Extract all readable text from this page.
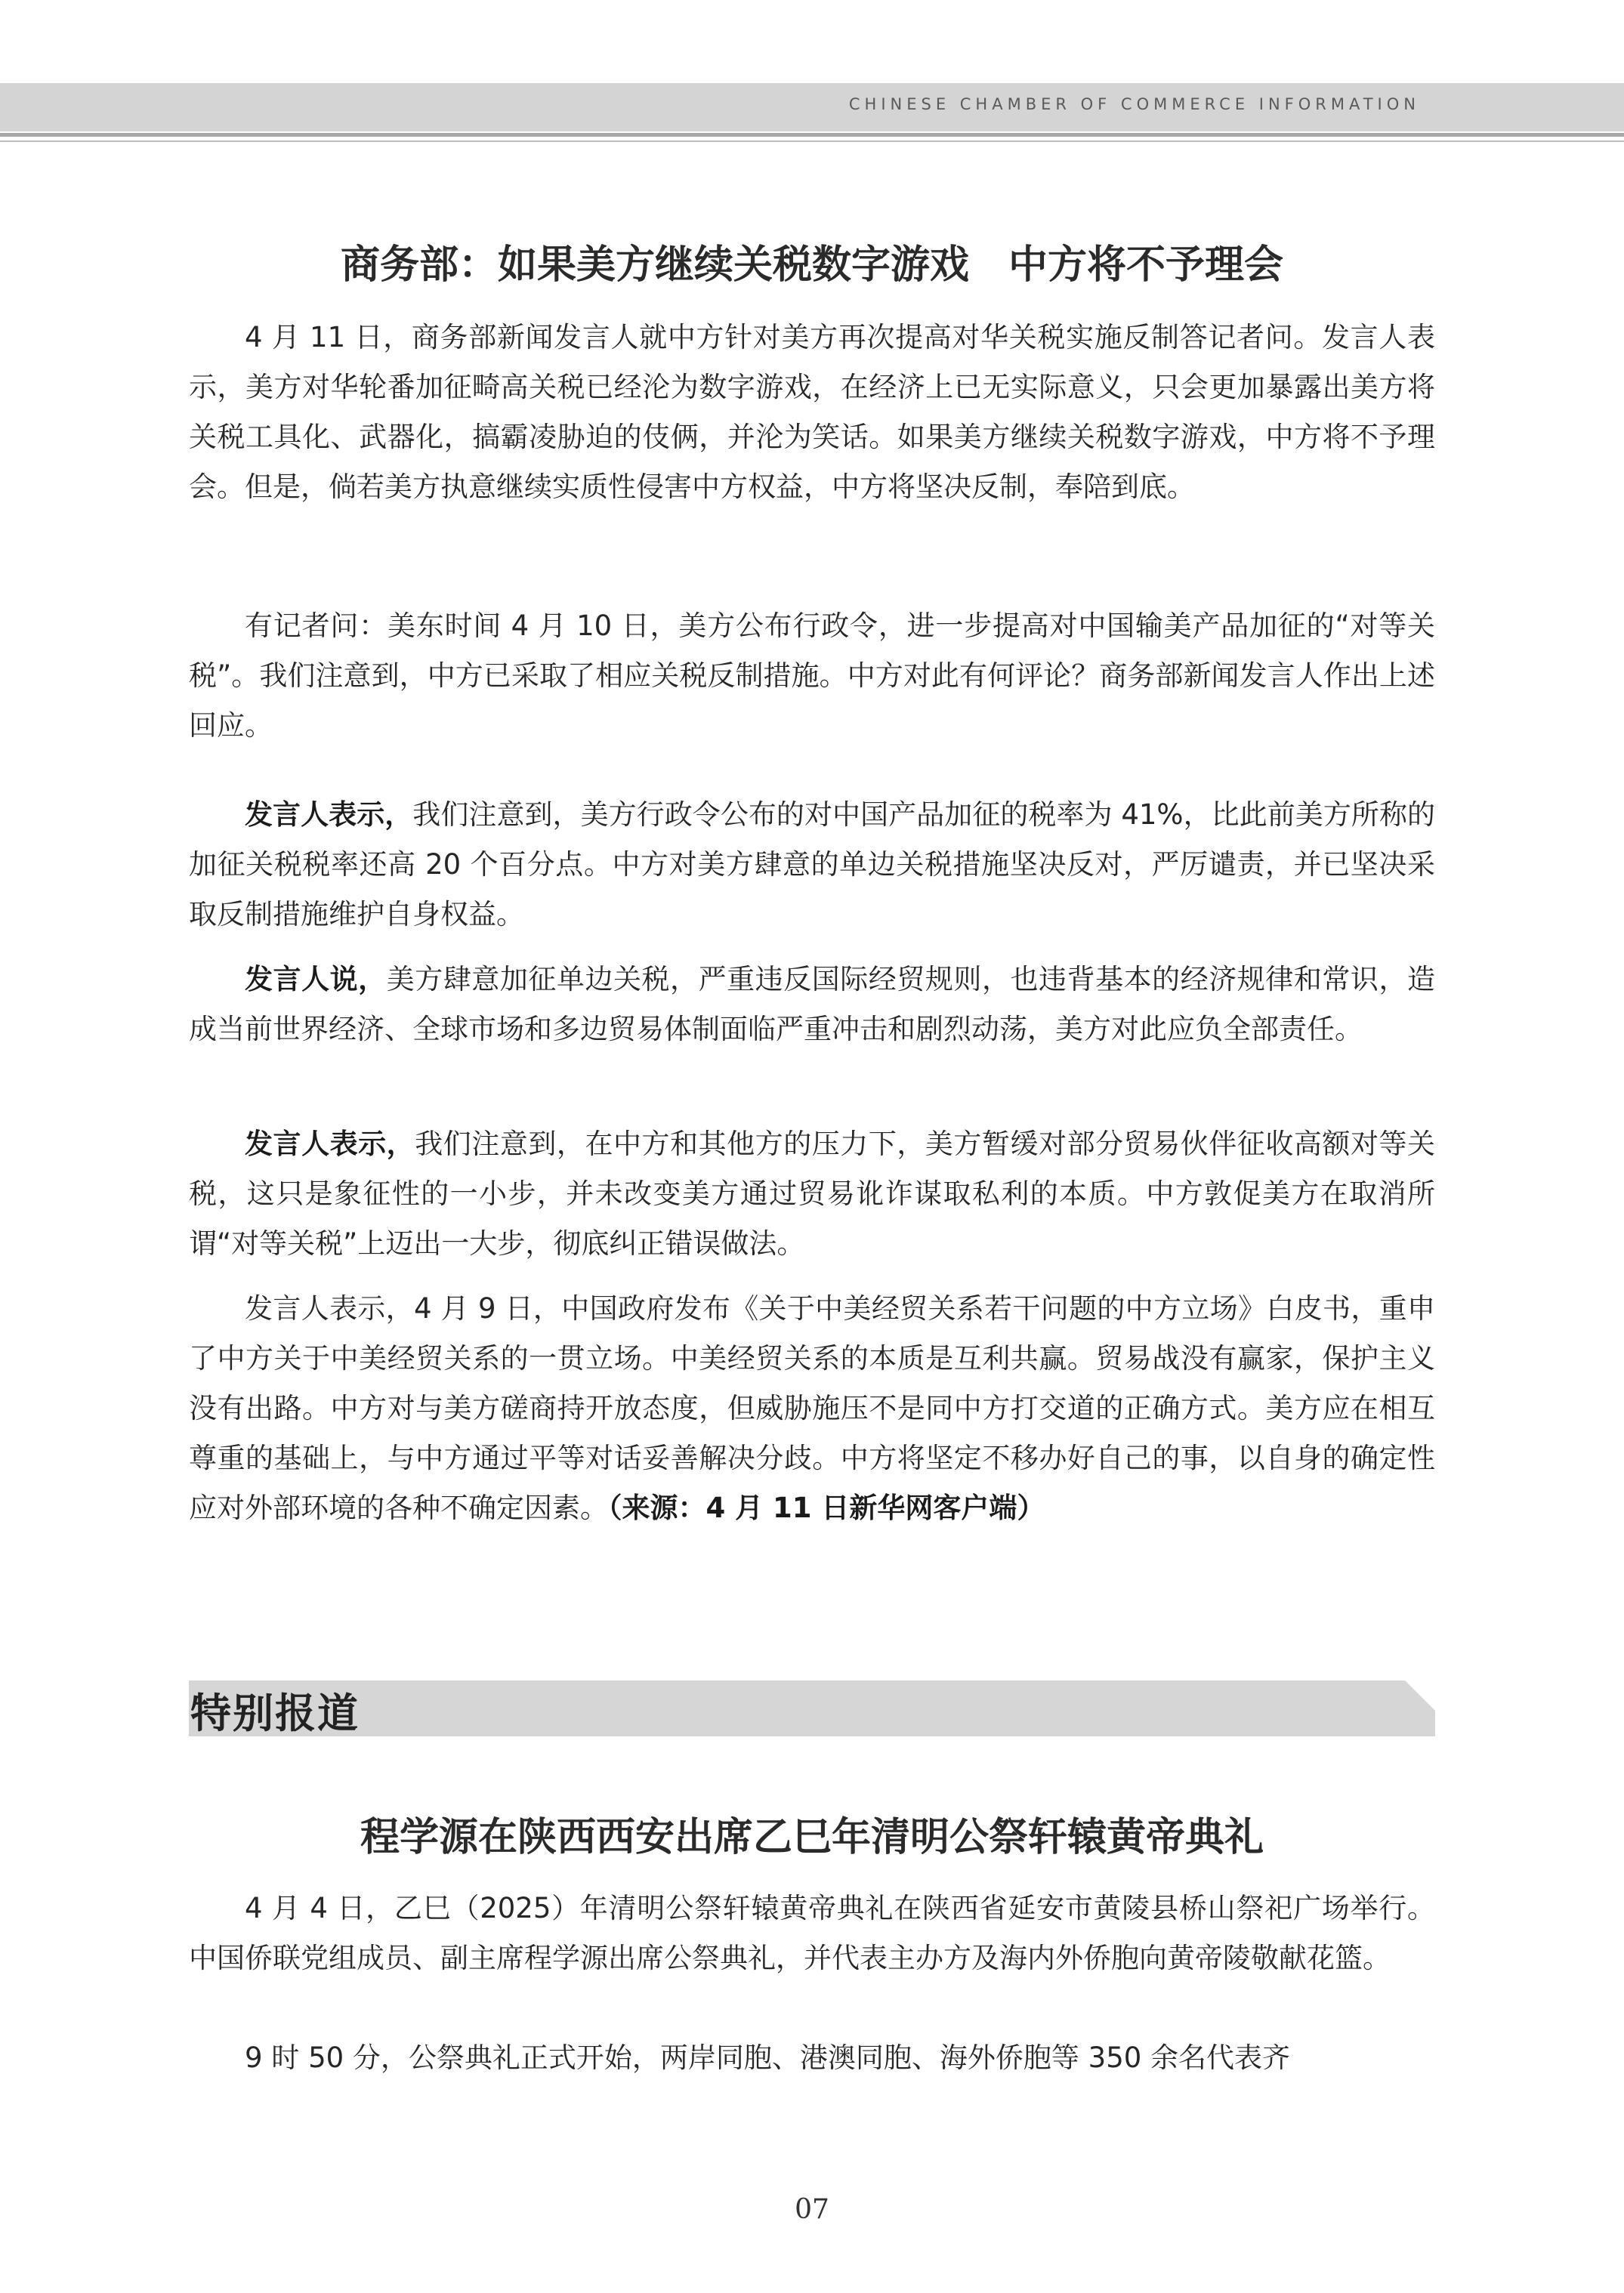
CHINESE CHAMBER OF COMMERCE INFORMATION
商务部：如果美方继续关税数字游戏　中方将不予理会
4 月 11 日，商务部新闻发言人就中方针对美方再次提高对华关税实施反制答记者问。发言人表示，美方对华轮番加征畸高关税已经沦为数字游戏，在经济上已无实际意义，只会更加暴露出美方将关税工具化、武器化，搞霸凌胁迫的伎俩，并沦为笑话。如果美方继续关税数字游戏，中方将不予理会。但是，倘若美方执意继续实质性侵害中方权益，中方将坚决反制，奉陪到底。
有记者问：美东时间 4 月 10 日，美方公布行政令，进一步提高对中国输美产品加征的“对等关税”。我们注意到，中方已采取了相应关税反制措施。中方对此有何评论？商务部新闻发言人作出上述回应。
发言人表示，我们注意到，美方行政令公布的对中国产品加征的税率为 41%，比此前美方所称的加征关税税率还高 20 个百分点。中方对美方肆意的单边关税措施坚决反对，严厉谴责，并已坚决采取反制措施维护自身权益。
发言人说，美方肆意加征单边关税，严重违反国际经贸规则，也违背基本的经济规律和常识，造成当前世界经济、全球市场和多边贸易体制面临严重冲击和剧烈动荡，美方对此应负全部责任。
发言人表示，我们注意到，在中方和其他方的压力下，美方暂缓对部分贸易伙伴征收高额对等关税，这只是象征性的一小步，并未改变美方通过贸易讹诈谋取私利的本质。中方敦促美方在取消所谓“对等关税”上迈出一大步，彻底纠正错误做法。
发言人表示，4 月 9 日，中国政府发布《关于中美经贸关系若干问题的中方立场》白皮书，重申了中方关于中美经贸关系的一贯立场。中美经贸关系的本质是互利共赢。贸易战没有赢家，保护主义没有出路。中方对与美方磋商持开放态度，但威胁施压不是同中方打交道的正确方式。美方应在相互尊重的基础上，与中方通过平等对话妥善解决分歧。中方将坚定不移办好自己的事，以自身的确定性应对外部环境的各种不确定因素。（来源：4 月 11 日新华网客户端）
特别报道
程学源在陕西西安出席乙巳年清明公祭轩辕黄帝典礼
4 月 4 日，乙巳（2025）年清明公祭轩辕黄帝典礼在陕西省延安市黄陵县桥山祭祀广场举行。中国侨联党组成员、副主席程学源出席公祭典礼，并代表主办方及海内外侨胞向黄帝陵敬献花篮。
9 时 50 分，公祭典礼正式开始，两岸同胞、港澳同胞、海外侨胞等 350 余名代表齐
07
